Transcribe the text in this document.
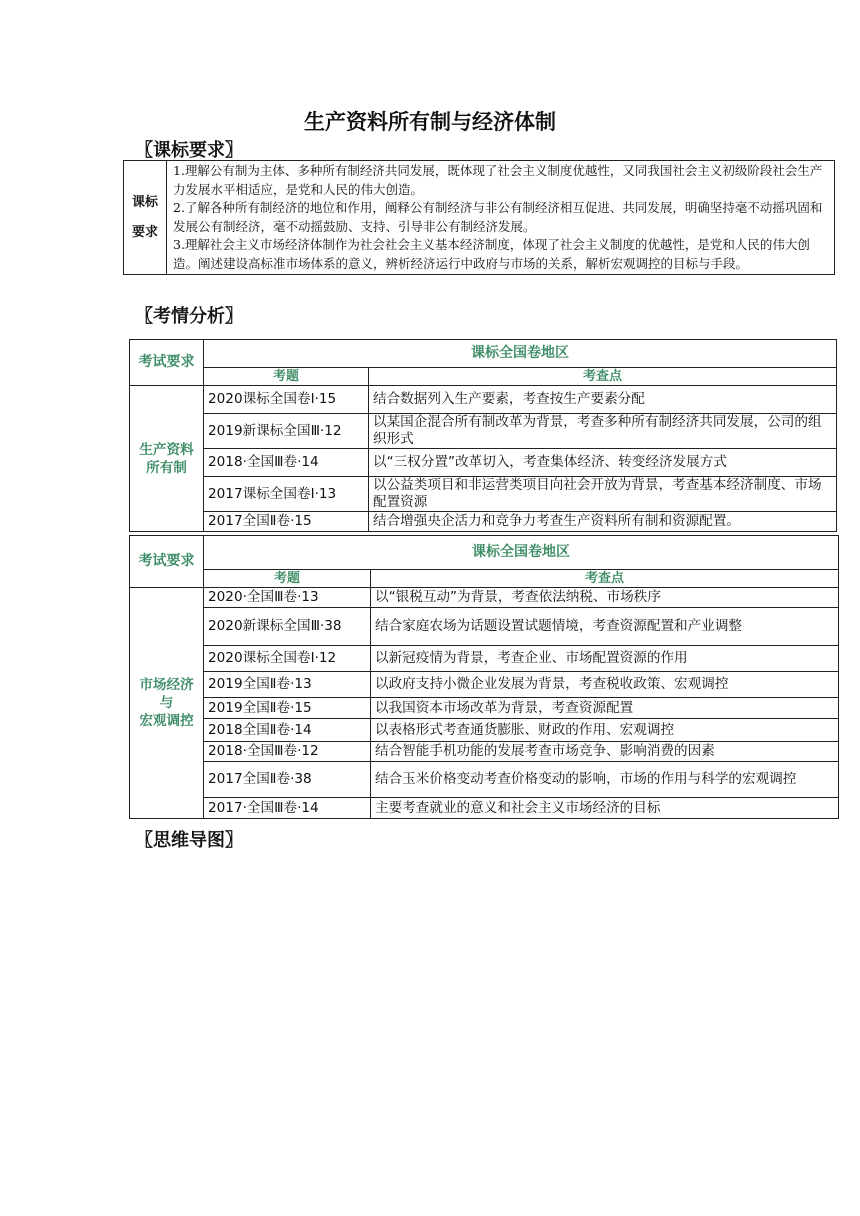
生产资料所有制与经济体制
〖课标要求〗
课标
要求

1.理解公有制为主体、多种所有制经济共同发展，既体现了社会主义制度优越性，又同我国社会主义初级阶段社会生产力发展水平相适应，是党和人民的伟大创造。
2.了解各种所有制经济的地位和作用，阐释公有制经济与非公有制经济相互促进、共同发展，明确坚持毫不动摇巩固和发展公有制经济，毫不动摇鼓励、支持、引导非公有制经济发展。
3.理解社会主义市场经济体制作为社会社会主义基本经济制度，体现了社会主义制度的优越性，是党和人民的伟大创造。阐述建设高标准市场体系的意义，辨析经济运行中政府与市场的关系，解析宏观调控的目标与手段。
〖考情分析〗
考试要求	课标全国卷地区	
	考题	考查点
生产资料
所有制	2020课标全国卷Ⅰ·15	结合数据列入生产要素，考查按生产要素分配
	2019新课标全国Ⅲ·12	以某国企混合所有制改革为背景，考查多种所有制经济共同发展，公司的组织形式
	2018·全国Ⅲ卷·14	以“三权分置”改革切入，考查集体经济、转变经济发展方式
	2017课标全国卷Ⅰ·13	以公益类项目和非运营类项目向社会开放为背景，考查基本经济制度、市场配置资源
	2017全国Ⅱ卷·15	结合增强央企活力和竞争力考查生产资料所有制和资源配置。
考试要求	课标全国卷地区	
	考题	考查点
市场经济
与
宏观调控	2020·全国Ⅲ卷·13	以“银税互动”为背景，考查依法纳税、市场秩序
	2020新课标全国Ⅲ·38	结合家庭农场为话题设置试题情境，考查资源配置和产业调整
	2020课标全国卷Ⅰ·12	以新冠疫情为背景，考查企业、市场配置资源的作用
	2019全国Ⅱ卷·13	以政府支持小微企业发展为背景，考查税收政策、宏观调控
	2019全国Ⅱ卷·15	以我国资本市场改革为背景，考查资源配置
	2018全国Ⅱ卷·14	以表格形式考查通货膨胀、财政的作用、宏观调控
	2018·全国Ⅲ卷·12	结合智能手机功能的发展考查市场竞争、影响消费的因素
	2017全国Ⅱ卷·38	结合玉米价格变动考查价格变动的影响，市场的作用与科学的宏观调控
	2017·全国Ⅲ卷·14	主要考查就业的意义和社会主义市场经济的目标
〖思维导图〗
